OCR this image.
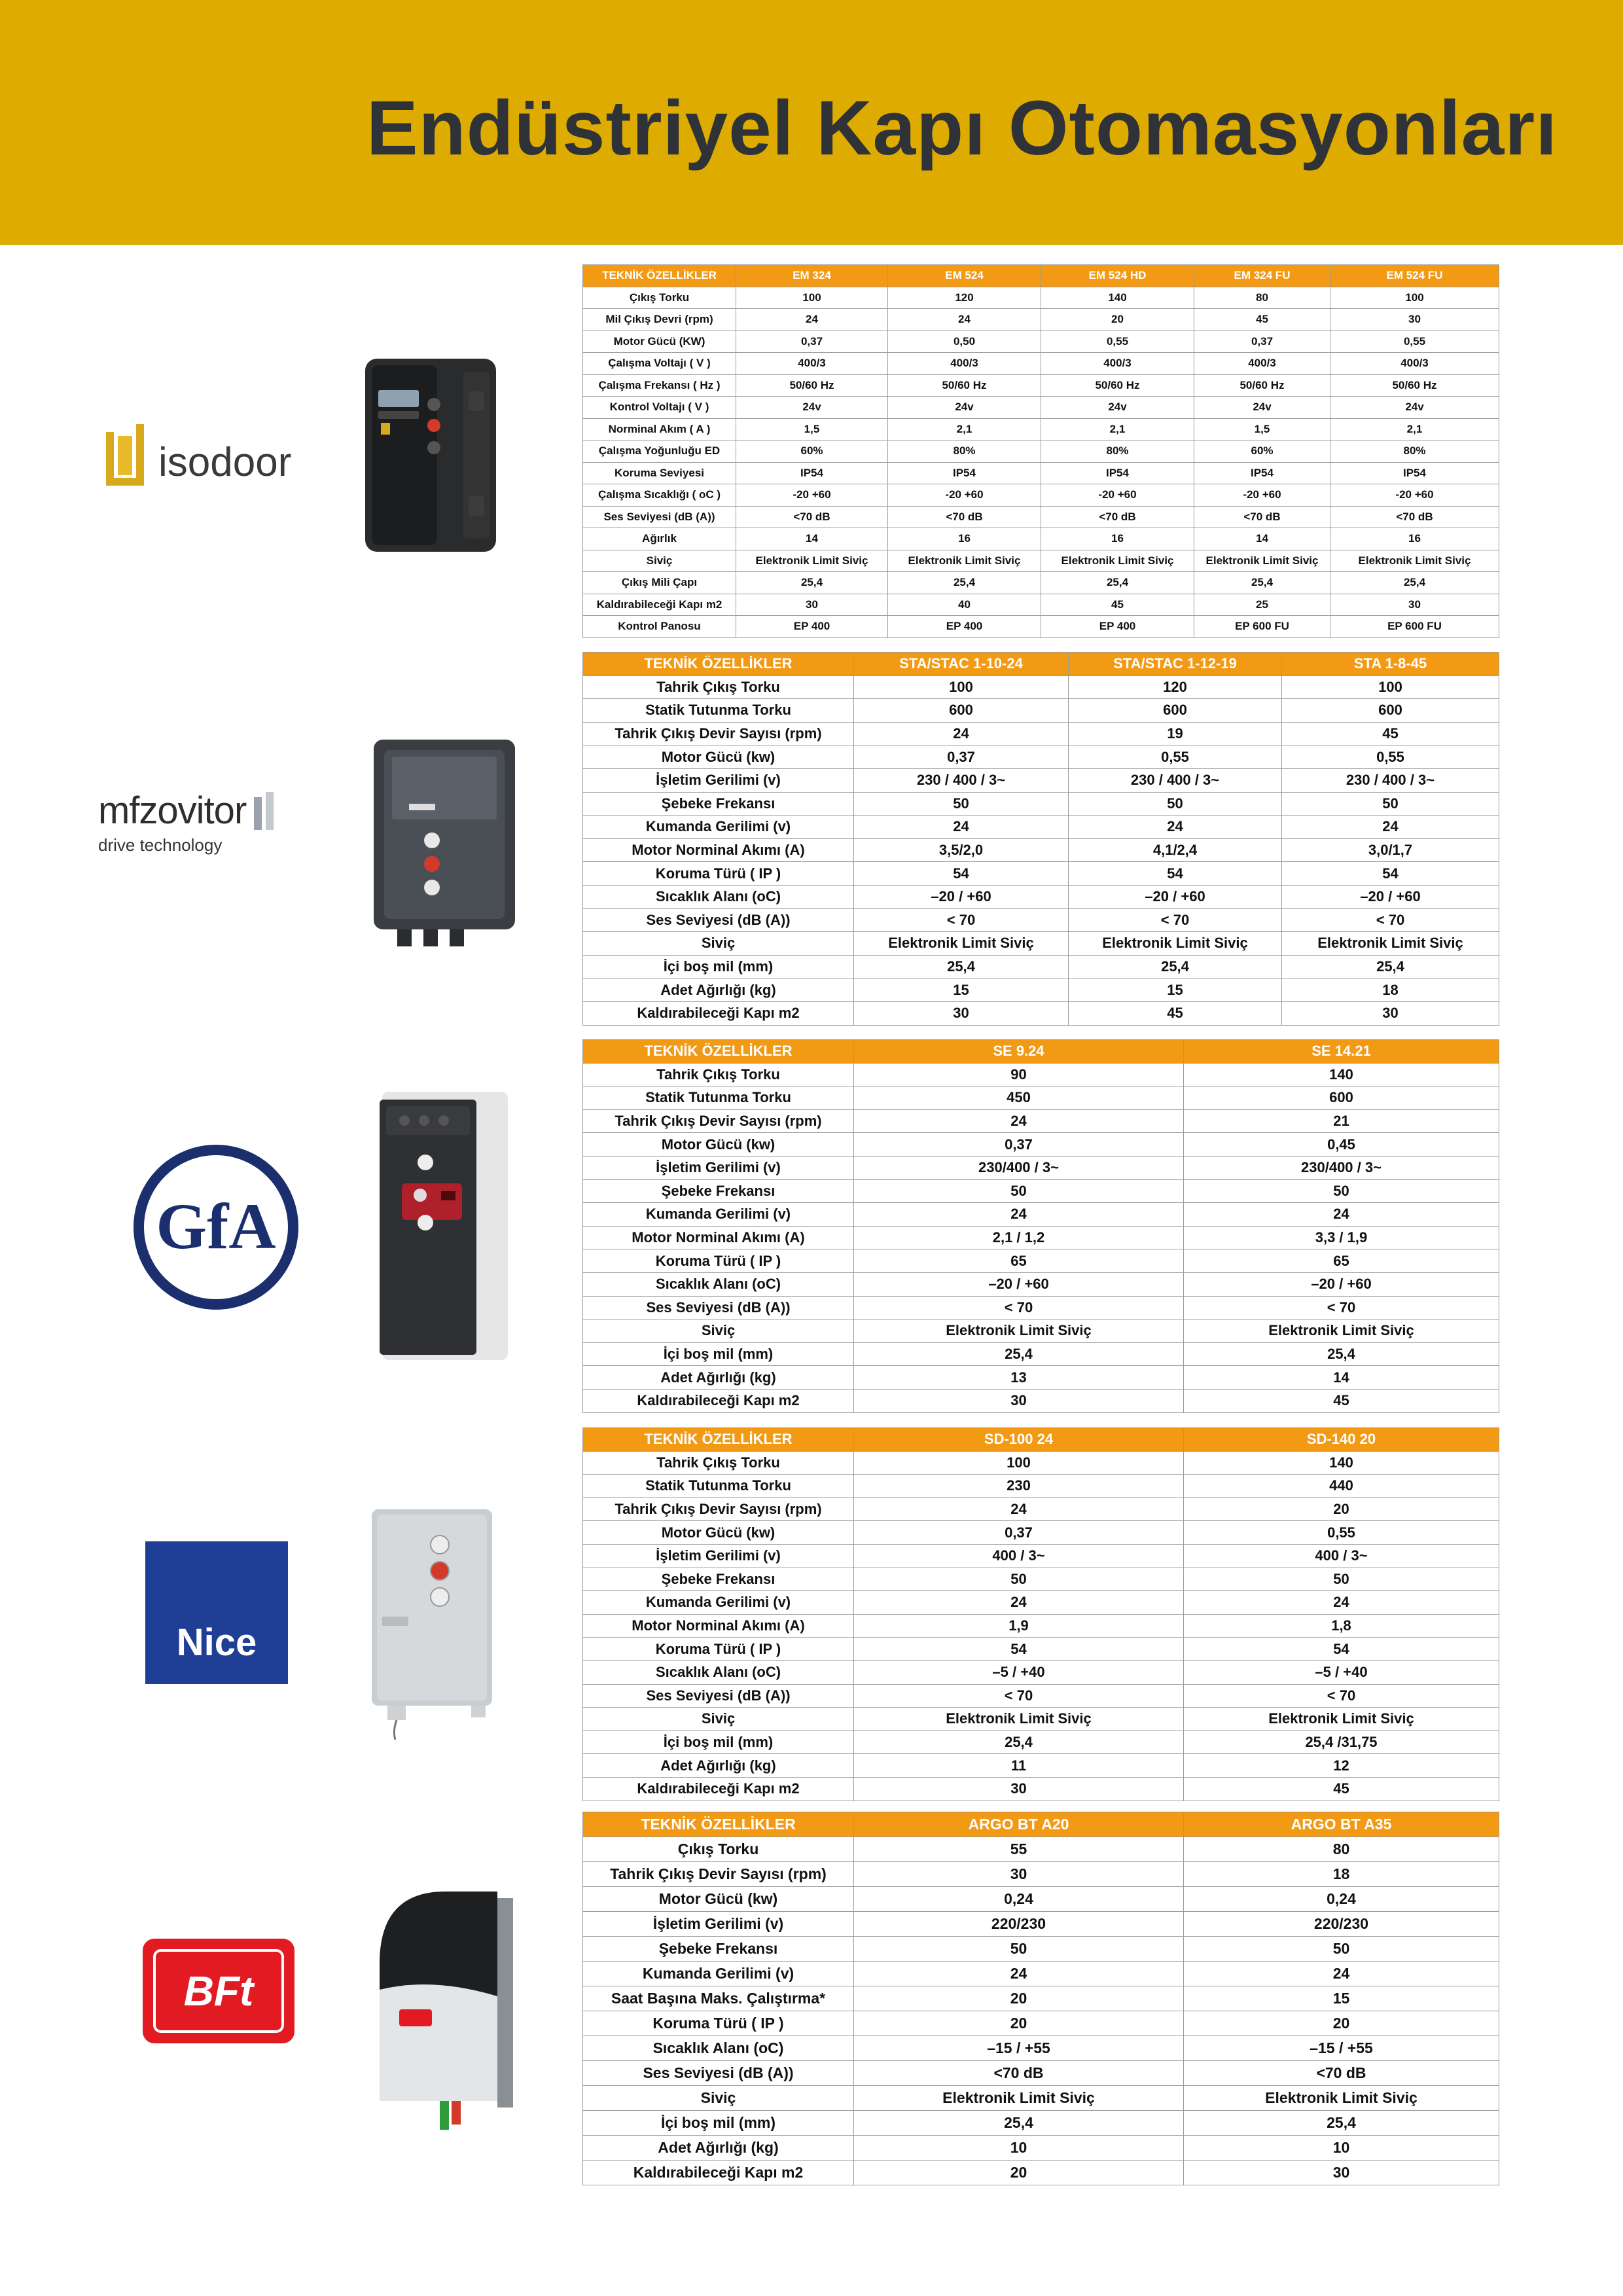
Endüstriyel Kapı Otomasyonları
isodoor
TEKNİK ÖZELLİKLER	EM 324	EM 524	EM 524 HD	EM 324 FU	EM 524 FU
Çıkış Torku	100	120	140	80	100
Mil Çıkış Devri (rpm)	24	24	20	45	30
Motor Gücü (KW)	0,37	0,50	0,55	0,37	0,55
Çalışma Voltajı ( V )	400/3	400/3	400/3	400/3	400/3
Çalışma Frekansı ( Hz )	50/60 Hz	50/60 Hz	50/60 Hz	50/60 Hz	50/60 Hz
Kontrol Voltajı ( V )	24v	24v	24v	24v	24v
Norminal Akım ( A )	1,5	2,1	2,1	1,5	2,1
Çalışma Yoğunluğu ED	60%	80%	80%	60%	80%
Koruma Seviyesi	IP54	IP54	IP54	IP54	IP54
Çalışma Sıcaklığı ( oC )	-20 +60	-20 +60	-20 +60	-20 +60	-20 +60
Ses Seviyesi (dB (A))	<70 dB	<70 dB	<70 dB	<70 dB	<70 dB
Ağırlık	14	16	16	14	16
Siviç	Elektronik Limit Siviç	Elektronik Limit Siviç	Elektronik Limit Siviç	Elektronik Limit Siviç	Elektronik Limit Siviç
Çıkış Mili Çapı	25,4	25,4	25,4	25,4	25,4
Kaldırabileceği Kapı m2	30	40	45	25	30
Kontrol Panosu	EP 400	EP 400	EP 400	EP 600 FU	EP 600 FU
mfzovitor
drive technology
TEKNİK ÖZELLİKLER	STA/STAC 1-10-24	STA/STAC 1-12-19	STA 1-8-45
Tahrik Çıkış Torku	100	120	100
Statik Tutunma Torku	600	600	600
Tahrik Çıkış Devir Sayısı (rpm)	24	19	45
Motor Gücü (kw)	0,37	0,55	0,55
İşletim Gerilimi (v)	230 / 400 / 3~	230 / 400 / 3~	230 / 400 / 3~
Şebeke Frekansı	50	50	50
Kumanda Gerilimi (v)	24	24	24
Motor Norminal Akımı (A)	3,5/2,0	4,1/2,4	3,0/1,7
Koruma Türü ( IP )	54	54	54
Sıcaklık Alanı (oC)	–20 / +60	–20 / +60	–20 / +60
Ses Seviyesi (dB (A))	< 70	< 70	< 70
Siviç	Elektronik Limit Siviç	Elektronik Limit Siviç	Elektronik Limit Siviç
İçi boş mil (mm)	25,4	25,4	25,4
Adet Ağırlığı (kg)	15	15	18
Kaldırabileceği Kapı m2	30	45	30
GfA
TEKNİK ÖZELLİKLER	SE 9.24	SE 14.21
Tahrik Çıkış Torku	90	140
Statik Tutunma Torku	450	600
Tahrik Çıkış Devir Sayısı (rpm)	24	21
Motor Gücü (kw)	0,37	0,45
İşletim Gerilimi (v)	230/400 / 3~	230/400 / 3~
Şebeke Frekansı	50	50
Kumanda Gerilimi (v)	24	24
Motor Norminal Akımı (A)	2,1 / 1,2	3,3 / 1,9
Koruma Türü ( IP )	65	65
Sıcaklık Alanı (oC)	–20 / +60	–20 / +60
Ses Seviyesi (dB (A))	< 70	< 70
Siviç	Elektronik Limit Siviç	Elektronik Limit Siviç
İçi boş mil (mm)	25,4	25,4
Adet Ağırlığı (kg)	13	14
Kaldırabileceği Kapı m2	30	45
Nice
TEKNİK ÖZELLİKLER	SD-100 24	SD-140 20
Tahrik Çıkış Torku	100	140
Statik Tutunma Torku	230	440
Tahrik Çıkış Devir Sayısı (rpm)	24	20
Motor Gücü (kw)	0,37	0,55
İşletim Gerilimi (v)	400 / 3~	400 / 3~
Şebeke Frekansı	50	50
Kumanda Gerilimi (v)	24	24
Motor Norminal Akımı (A)	1,9	1,8
Koruma Türü ( IP )	54	54
Sıcaklık Alanı (oC)	–5 / +40	–5 / +40
Ses Seviyesi (dB (A))	< 70	< 70
Siviç	Elektronik Limit Siviç	Elektronik Limit Siviç
İçi boş mil (mm)	25,4	25,4 /31,75
Adet Ağırlığı (kg)	11	12
Kaldırabileceği Kapı m2	30	45
BFt
TEKNİK ÖZELLİKLER	ARGO BT A20	ARGO BT A35
Çıkış Torku	55	80
Tahrik Çıkış Devir Sayısı (rpm)	30	18
Motor Gücü (kw)	0,24	0,24
İşletim Gerilimi (v)	220/230	220/230
Şebeke Frekansı	50	50
Kumanda Gerilimi (v)	24	24
Saat Başına Maks. Çalıştırma*	20	15
Koruma Türü ( IP )	20	20
Sıcaklık Alanı (oC)	–15 / +55	–15 / +55
Ses Seviyesi (dB (A))	<70 dB	<70 dB
Siviç	Elektronik Limit Siviç	Elektronik Limit Siviç
İçi boş mil (mm)	25,4	25,4
Adet Ağırlığı (kg)	10	10
Kaldırabileceği Kapı m2	20	30
